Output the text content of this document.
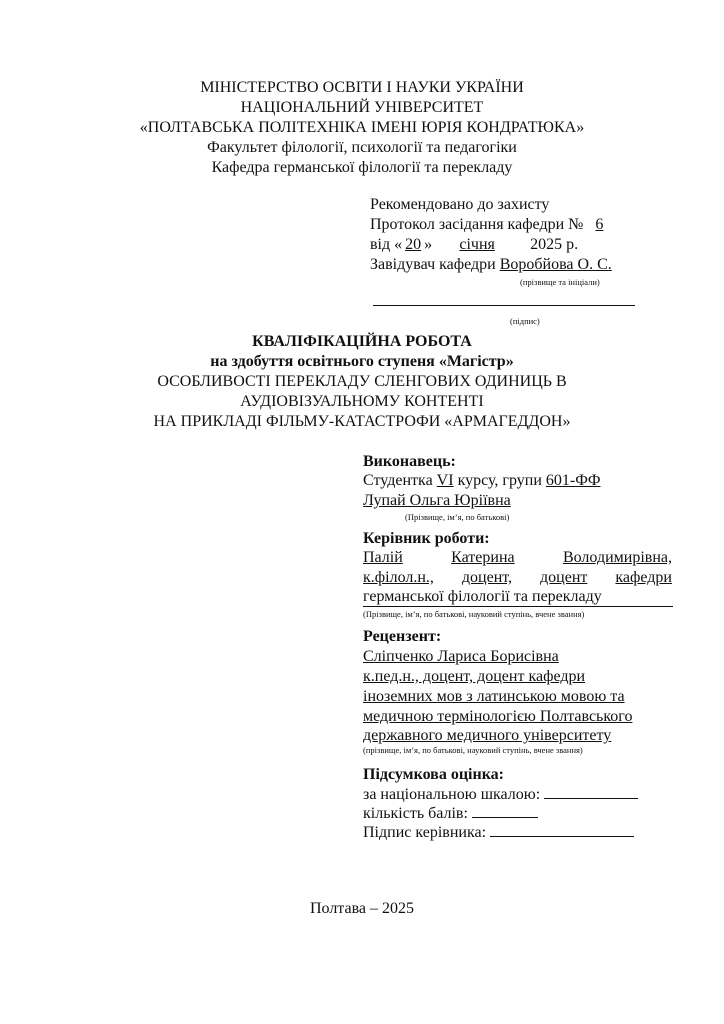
МІНІСТЕРСТВО ОСВІТИ І НАУКИ УКРАЇНИ
НАЦІОНАЛЬНИЙ УНІВЕРСИТЕТ
«ПОЛТАВСЬКА ПОЛІТЕХНІКА ІМЕНІ ЮРІЯ КОНДРАТЮКА»
Факультет філології, психології та педагогіки
Кафедра германської філології та перекладу
Рекомендовано до захисту
Протокол засідання кафедри № 6
від « 20 » січня 2025 р.
Завідувач кафедри Воробйова О. С.
(прізвище та ініціали)
(підпис)
КВАЛІФІКАЦІЙНА РОБОТА
на здобуття освітнього ступеня «Магістр»
ОСОБЛИВОСТІ ПЕРЕКЛАДУ СЛЕНГОВИХ ОДИНИЦЬ В
АУДІОВІЗУАЛЬНОМУ КОНТЕНТІ
НА ПРИКЛАДІ ФІЛЬМУ-КАТАСТРОФИ «АРМАГЕДДОН»
Виконавець:
Студентка VI курсу, групи 601-ФФ
Лупай Ольга Юріївна
(Прізвище, ім’я, по батькові)
Керівник роботи:
Палій	Катерина	Володимирівна,
к.філол.н., доцент, доцент кафедри
германської філології та перекладу
(Прізвище, ім’я, по батькові, науковий ступінь, вчене звання)
Рецензент:
Сліпченко Лариса Борисівна
к.пед.н., доцент, доцент кафедри
іноземних мов з латинською мовою та
медичною термінологією Полтавського
державного медичного університету
(прізвище, ім’я, по батькові, науковий ступінь, вчене звання)
Підсумкова оцінка:
за національною шкалою:
кількість балів:
Підпис керівника:
Полтава – 2025
